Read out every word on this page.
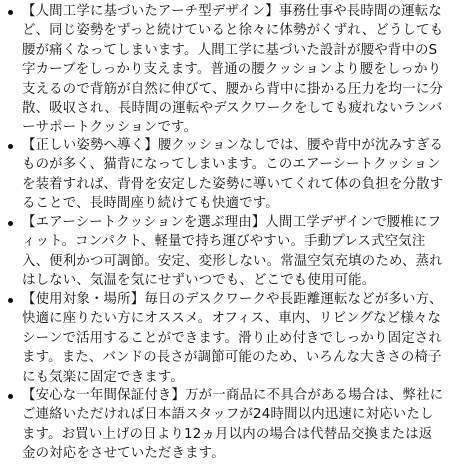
【人間工学に基づいたアーチ型デザイン】事務仕事や長時間の運転など、同じ姿勢をずっと続けていると徐々に体勢がくずれ、どうしても腰が痛くなってしまいます。人間工学に基づいた設計が腰や背中のS字カーブをしっかり支えます。普通の腰クッションより腰をしっかり支えるので背筋が自然に伸びて、腰から背中に掛かる圧力を均一に分散、吸収され、長時間の運転やデスクワークをしても疲れないランバーサポートクッションです。
【正しい姿勢へ導く】腰クッションなしでは、腰や背中が沈みすぎるものが多く、猫背になってしまいます。このエアーシートクッションを装着すれば、背骨を安定した姿勢に導いてくれて体の負担を分散することで、長時間座り続けても快適です。
【エアーシートクッションを選ぶ理由】人間工学デザインで腰椎にフィット。コンパクト、軽量で持ち運びやすい。手動プレス式空気注入、便利かつ可調節。安定、変形しない。常温空気充填のため、蒸れはしない、気温を気にせずいつでも、どこでも使用可能。
【使用対象・場所】毎日のデスクワークや長距離運転などが多い方、快適に座りたい方にオススメ。オフィス、車内、リビングなど様々なシーンで活用することができます。滑り止め付きでしっかり固定されます。また、バンドの長さが調節可能のため、いろんな大きさの椅子にも気楽に固定できます。
【安心な一年間保証付き】万が一商品に不具合がある場合は、弊社にご連絡いただければ日本語スタッフが24時間以内迅速に対応いたします。お買い上げの日より12ヵ月以内の場合は代替品交換または返金の対応をさせていただきます。
